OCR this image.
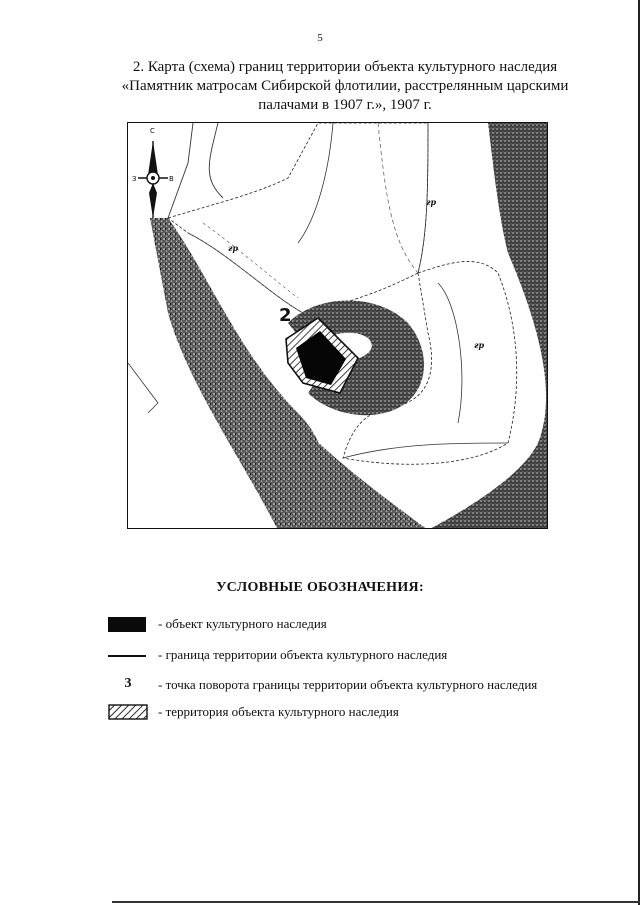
5
2. Карта (схема) границ территории объекта культурного наследия
«Памятник матросам Сибирской флотилии, расстрелянным царскими
палачами в 1907 г.», 1907 г.
С
З	В
гр
гр
гр
2
УСЛОВНЫЕ ОБОЗНАЧЕНИЯ:
- объект культурного наследия
- граница территории объекта культурного наследия
3	- точка поворота границы территории объекта культурного наследия
- территория объекта культурного наследия
